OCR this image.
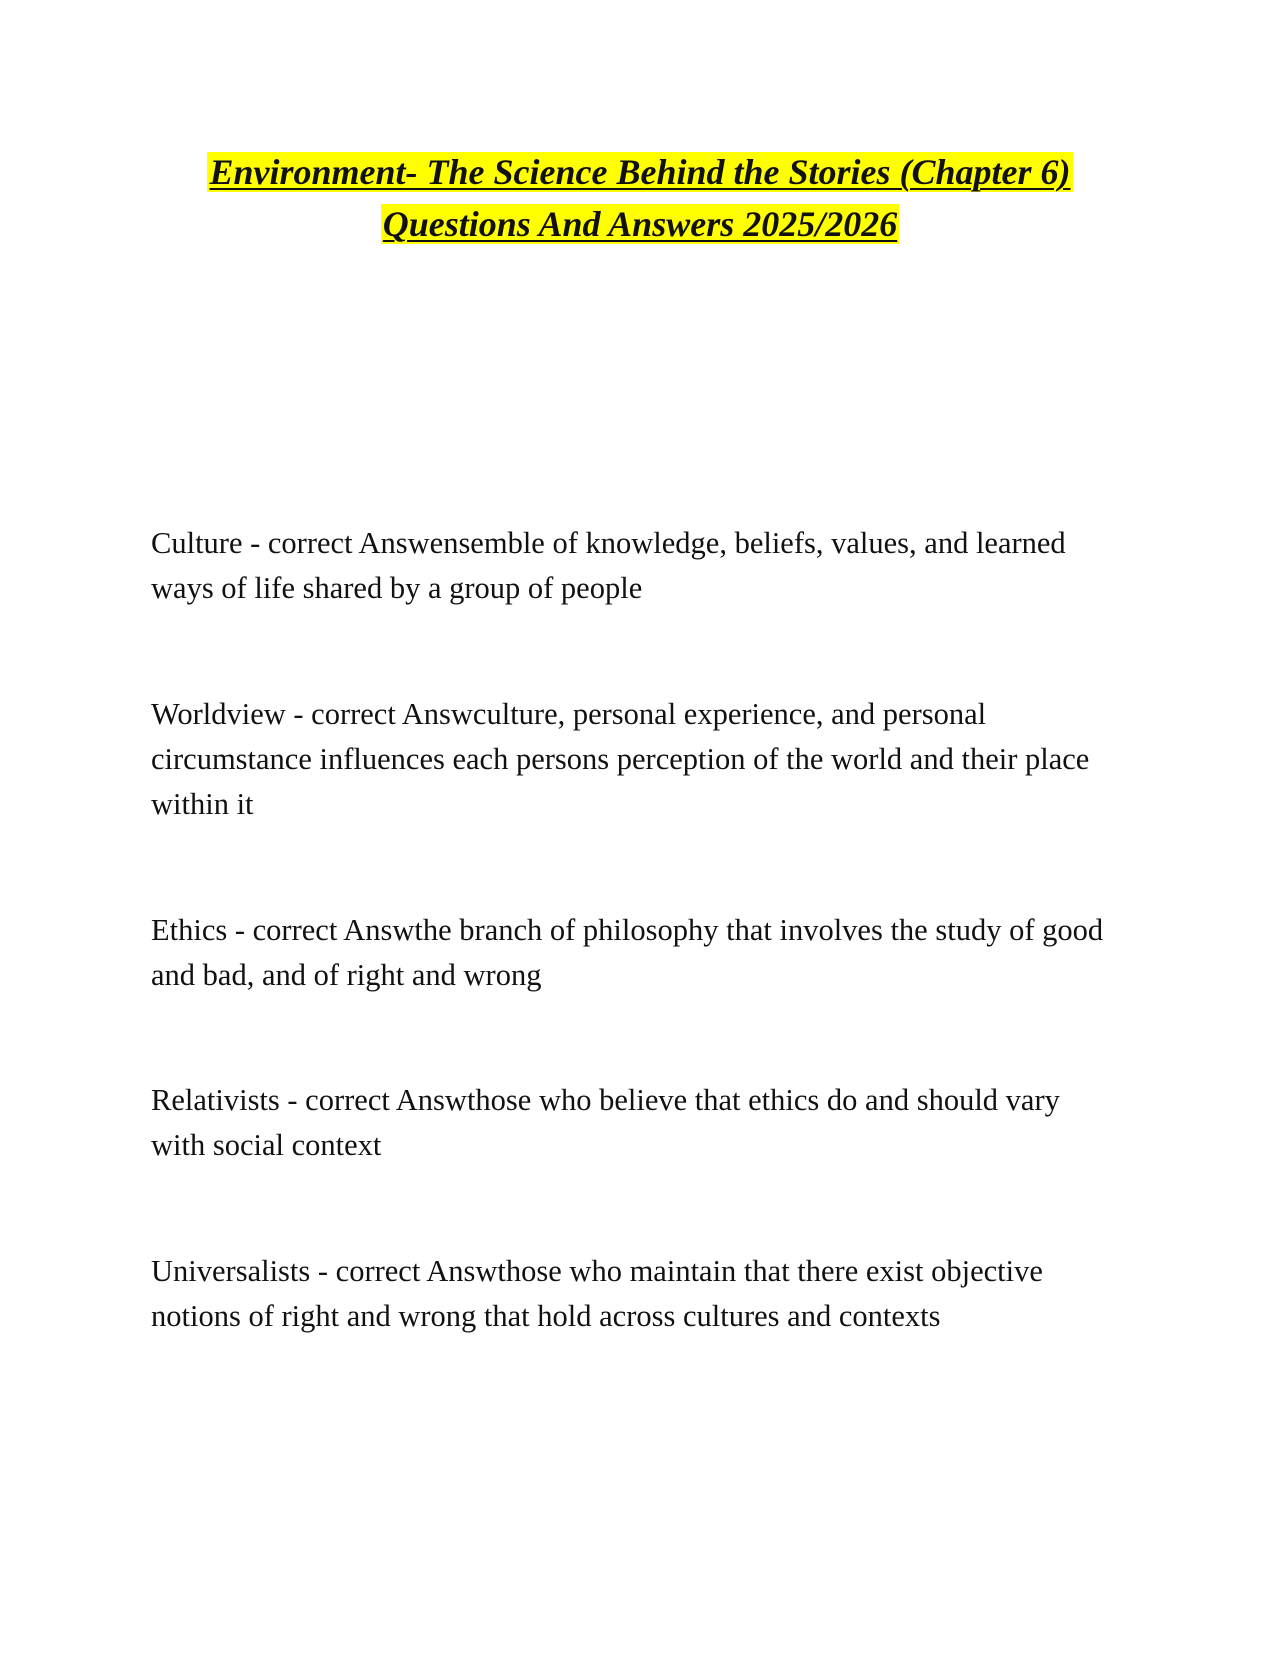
Environment- The Science Behind the Stories (Chapter 6)
Questions And Answers 2025/2026

Culture - correct Answensemble of knowledge, beliefs, values, and learned ways of life shared by a group of people

Worldview - correct Answculture, personal experience, and personal circumstance influences each persons perception of the world and their place within it

Ethics - correct Answthe branch of philosophy that involves the study of good and bad, and of right and wrong

Relativists - correct Answthose who believe that ethics do and should vary with social context

Universalists - correct Answthose who maintain that there exist objective notions of right and wrong that hold across cultures and contexts
